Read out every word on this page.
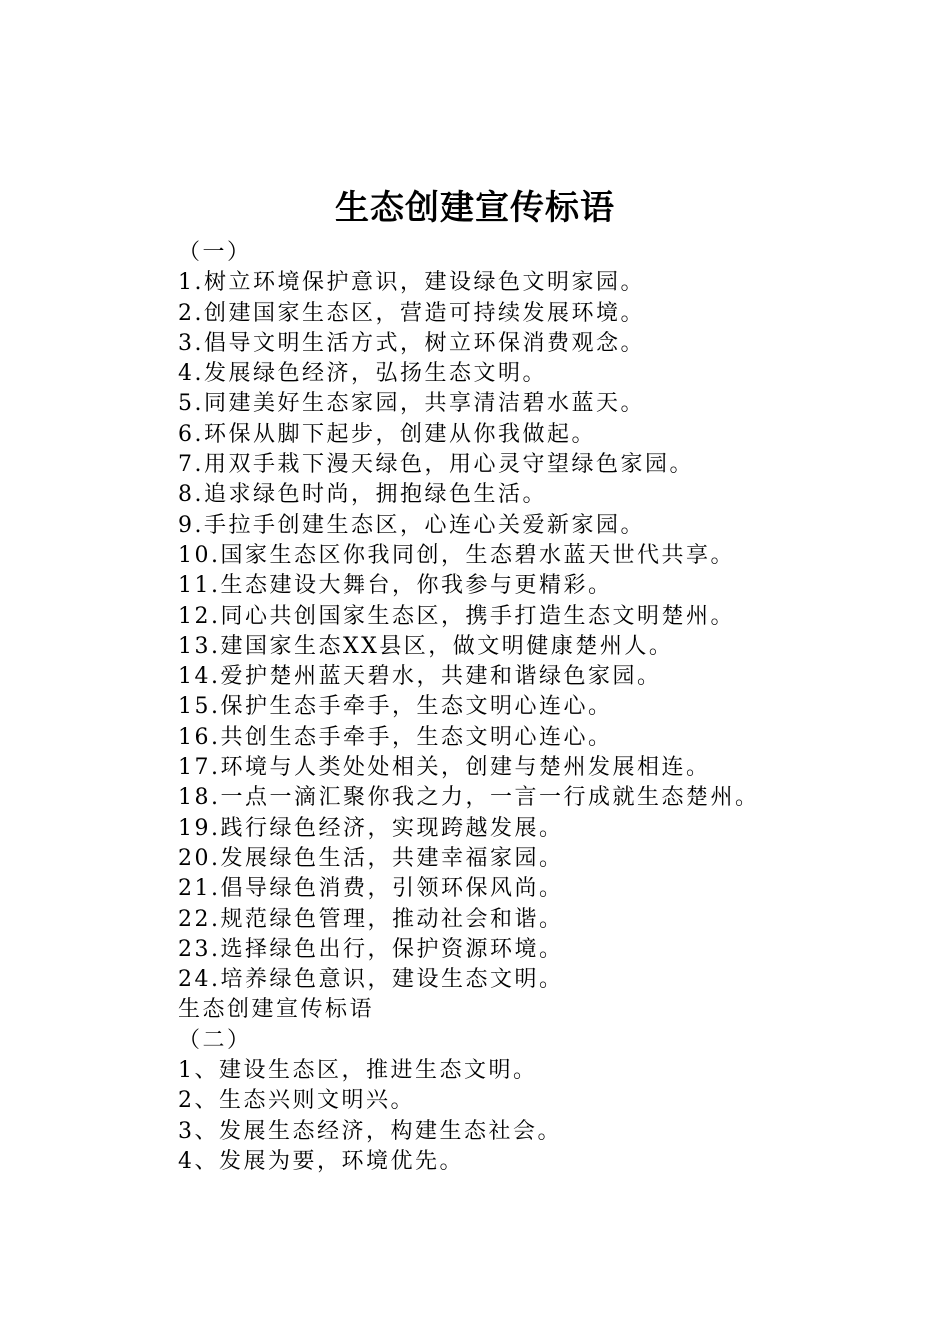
生态创建宣传标语
（一）
1.树立环境保护意识，建设绿色文明家园。
2.创建国家生态区，营造可持续发展环境。
3.倡导文明生活方式，树立环保消费观念。
4.发展绿色经济，弘扬生态文明。
5.同建美好生态家园，共享清洁碧水蓝天。
6.环保从脚下起步，创建从你我做起。
7.用双手栽下漫天绿色，用心灵守望绿色家园。
8.追求绿色时尚，拥抱绿色生活。
9.手拉手创建生态区，心连心关爱新家园。
10.国家生态区你我同创，生态碧水蓝天世代共享。
11.生态建设大舞台，你我参与更精彩。
12.同心共创国家生态区，携手打造生态文明楚州。
13.建国家生态XX县区，做文明健康楚州人。
14.爱护楚州蓝天碧水，共建和谐绿色家园。
15.保护生态手牵手，生态文明心连心。
16.共创生态手牵手，生态文明心连心。
17.环境与人类处处相关，创建与楚州发展相连。
18.一点一滴汇聚你我之力，一言一行成就生态楚州。
19.践行绿色经济，实现跨越发展。
20.发展绿色生活，共建幸福家园。
21.倡导绿色消费，引领环保风尚。
22.规范绿色管理，推动社会和谐。
23.选择绿色出行，保护资源环境。
24.培养绿色意识，建设生态文明。
生态创建宣传标语
（二）
1、建设生态区，推进生态文明。
2、生态兴则文明兴。
3、发展生态经济，构建生态社会。
4、发展为要，环境优先。
